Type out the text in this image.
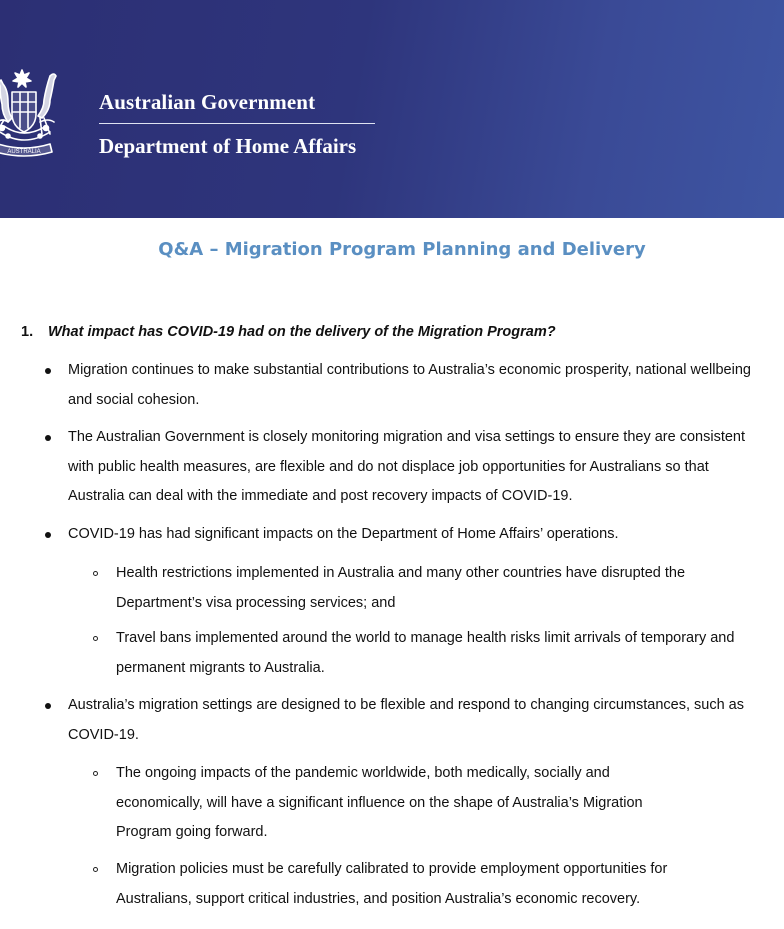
AUSTRALIA
Australian Government
Department of Home Affairs
Q&A – Migration Program Planning and Delivery
1. What impact has COVID-19 had on the delivery of the Migration Program?
Migration continues to make substantial contributions to Australia’s economic prosperity, national wellbeing
and social cohesion.
The Australian Government is closely monitoring migration and visa settings to ensure they are consistent
with public health measures, are flexible and do not displace job opportunities for Australians so that
Australia can deal with the immediate and post recovery impacts of COVID-19.
COVID-19 has had significant impacts on the Department of Home Affairs’ operations.
Health restrictions implemented in Australia and many other countries have disrupted the
Department’s visa processing services; and
Travel bans implemented around the world to manage health risks limit arrivals of temporary and
permanent migrants to Australia.
Australia’s migration settings are designed to be flexible and respond to changing circumstances, such as
COVID-19.
The ongoing impacts of the pandemic worldwide, both medically, socially and
economically, will have a significant influence on the shape of Australia’s Migration
Program going forward.
Migration policies must be carefully calibrated to provide employment opportunities for
Australians, support critical industries, and position Australia’s economic recovery.
